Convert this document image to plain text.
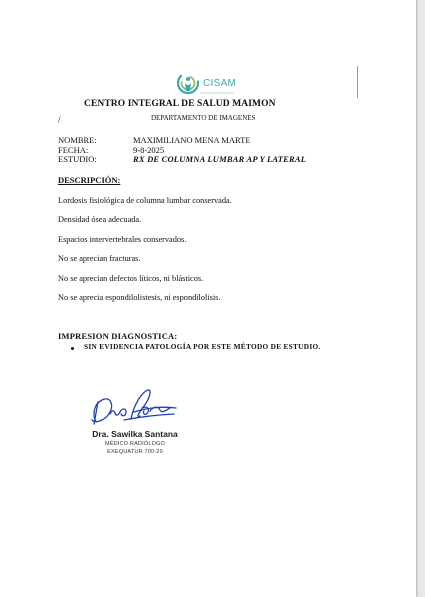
CISAM
CENTRO INTEGRAL DE SALUD MAIMON
DEPARTAMENTO DE IMAGENES
/
NOMBRE:	MAXIMILIANO MENA MARTE
FECHA:	9-8-2025
ESTUDIO:	RX DE COLUMNA LUMBAR AP Y LATERAL
DESCRIPCIÓN:
Lordosis fisiológica de columna lumbar conservada.
Densidad ósea adecuada.
Espacios intervertebrales conservados.
No se aprecian fracturas.
No se aprecian defectos líticos, ni blásticos.
No se aprecia espondilolistesis, ni espondilolisis.
IMPRESION DIAGNOSTICA:
SIN EVIDENCIA PATOLOGÍA POR ESTE MÉTODO DE ESTUDIO.
Dra. Sawilka Santana
MÉDICO RADIÓLOGO
EXEQUATUR 700-20
